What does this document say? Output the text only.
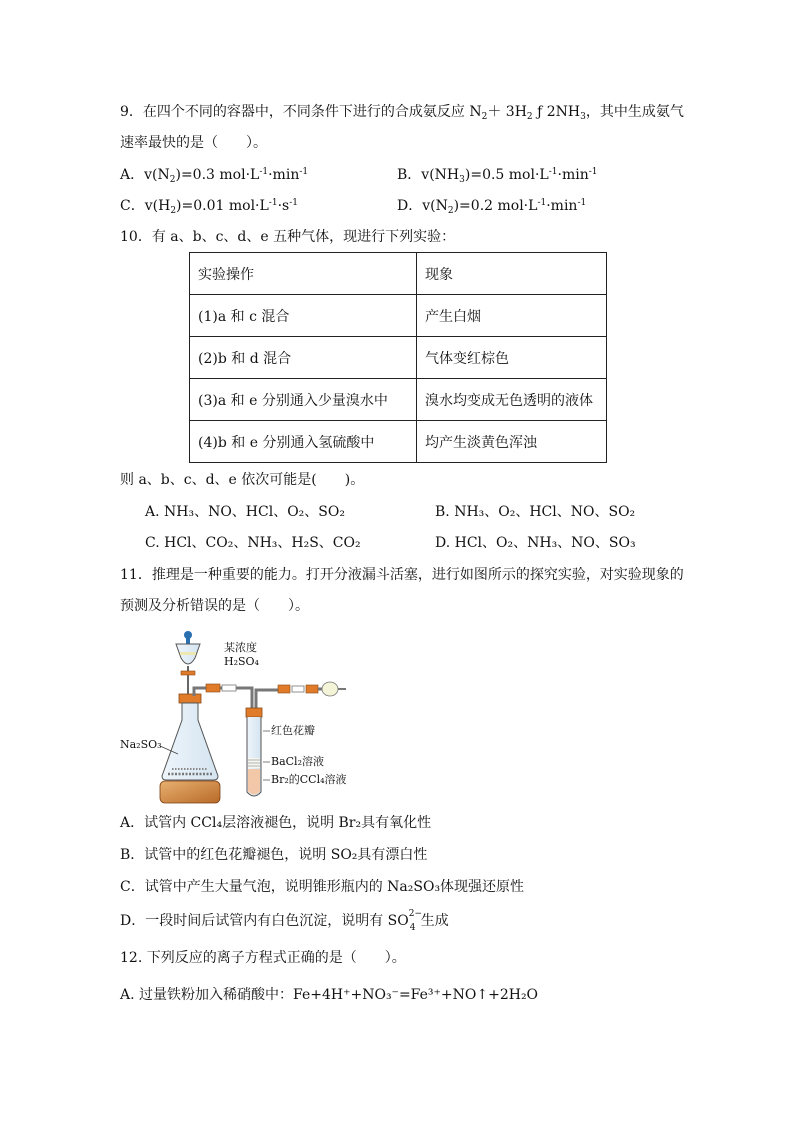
9．在四个不同的容器中，不同条件下进行的合成氨反应 $N_2+ 3H_2$ ƒ $2NH_3$，其中生成氨气
速率最快的是（　　）。
A．$v(N_2)=0.3$ $mol\cdot L^{-1}\cdot\min^{-1}$	B．$v(NH_3)=0.5$ $mol\cdot L^{-1}\cdot\min^{-1}$
C．$v(H_2)=0.01$ $mol\cdot L^{-1}\cdot s^{-1}$	D．$v(N_2)=0.2$ $mol\cdot L^{-1}\cdot\min^{-1}$
10．有 a、b、c、d、e 五种气体，现进行下列实验：
实验操作	现象
(1)a 和 c 混合	产生白烟
(2)b 和 d 混合	气体变红棕色
(3)a 和 e 分别通入少量溴水中	溴水均变成无色透明的液体
(4)b 和 e 分别通入氢硫酸中	均产生淡黄色浑浊
则 a、b、c、d、e 依次可能是(　　)。
A. NH₃、NO、HCl、O₂、SO₂	B. NH₃、O₂、HCl、NO、SO₂
C. HCl、CO₂、NH₃、H₂S、CO₂	D. HCl、O₂、NH₃、NO、SO₃
11．推理是一种重要的能力。打开分液漏斗活塞，进行如图所示的探究实验，对实验现象的
预测及分析错误的是（　　）。
某浓度
H₂SO₄
Na₂SO₃
红色花瓣
BaCl₂溶液
Br₂的CCl₄溶液
A．试管内 CCl₄层溶液褪色，说明 Br₂具有氧化性
B．试管中的红色花瓣褪色，说明 SO₂具有漂白性
C．试管中产生大量气泡，说明锥形瓶内的 Na₂SO₃体现强还原性
D．一段时间后试管内有白色沉淀，说明有 SO 2−
4 生成
12. 下列反应的离子方程式正确的是（　　）。
A. 过量铁粉加入稀硝酸中：Fe+4H⁺+NO₃⁻=Fe³⁺+NO↑+2H₂O
